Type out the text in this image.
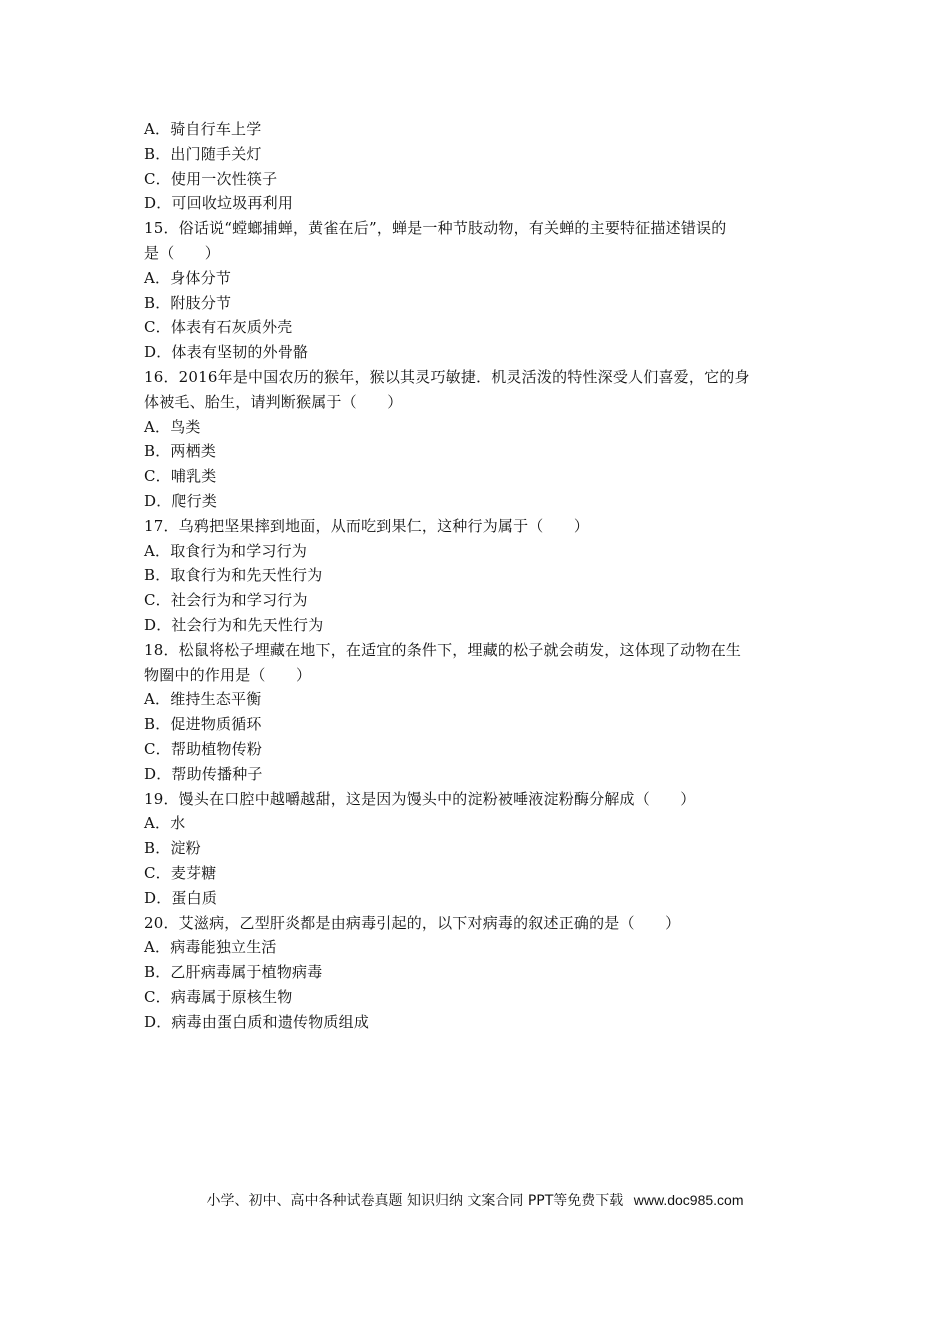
A．骑自行车上学
B．出门随手关灯
C．使用一次性筷子
D．可回收垃圾再利用
15．俗话说“螳螂捕蝉，黄雀在后”，蝉是一种节肢动物，有关蝉的主要特征描述错误的
是（　　）
A．身体分节
B．附肢分节
C．体表有石灰质外壳
D．体表有坚韧的外骨骼
16．2016年是中国农历的猴年，猴以其灵巧敏捷．机灵活泼的特性深受人们喜爱，它的身
体被毛、胎生，请判断猴属于（　　）
A．鸟类
B．两栖类
C．哺乳类
D．爬行类
17．乌鸦把坚果摔到地面，从而吃到果仁，这种行为属于（　　）
A．取食行为和学习行为
B．取食行为和先天性行为
C．社会行为和学习行为
D．社会行为和先天性行为
18．松鼠将松子埋藏在地下，在适宜的条件下，埋藏的松子就会萌发，这体现了动物在生
物圈中的作用是（　　）
A．维持生态平衡
B．促进物质循环
C．帮助植物传粉
D．帮助传播种子
19．馒头在口腔中越嚼越甜，这是因为馒头中的淀粉被唾液淀粉酶分解成（　　）
A．水
B．淀粉
C．麦芽糖
D．蛋白质
20．艾滋病，乙型肝炎都是由病毒引起的，以下对病毒的叙述正确的是（　　）
A．病毒能独立生活
B．乙肝病毒属于植物病毒
C．病毒属于原核生物
D．病毒由蛋白质和遗传物质组成
小学、初中、高中各种试卷真题 知识归纳 文案合同 PPT等免费下载 www.doc985.com
